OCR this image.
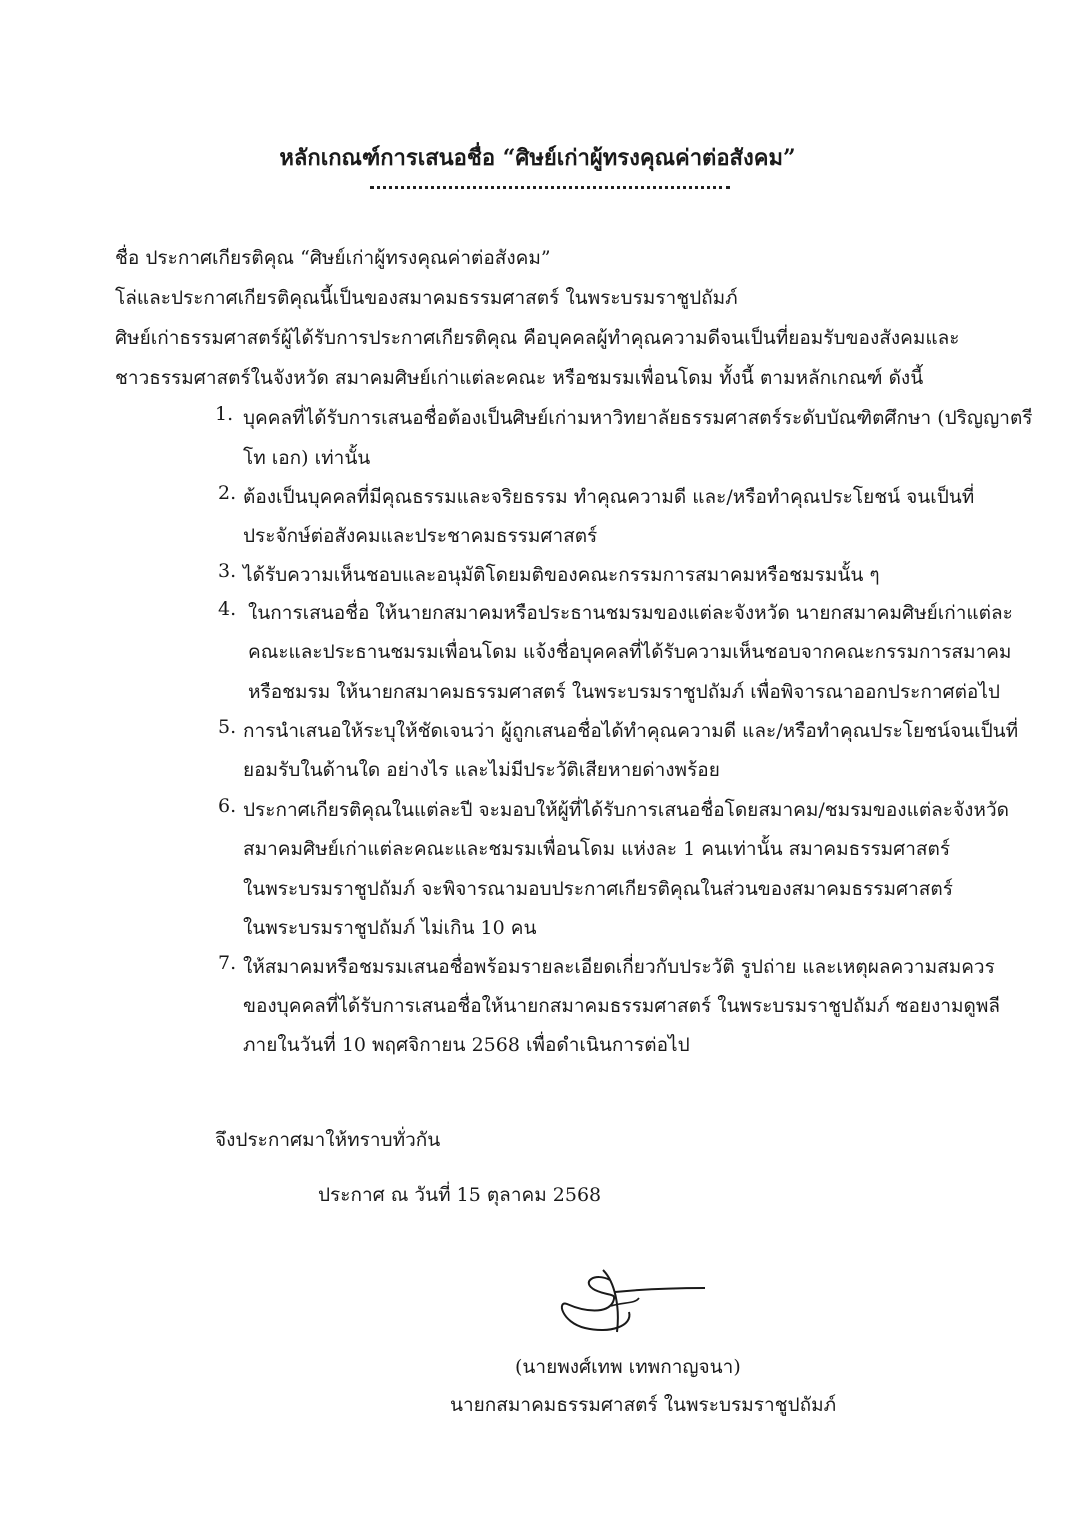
หลักเกณฑ์การเสนอชื่อ “ศิษย์เก่าผู้ทรงคุณค่าต่อสังคม”
ชื่อ ประกาศเกียรติคุณ “ศิษย์เก่าผู้ทรงคุณค่าต่อสังคม”
โล่และประกาศเกียรติคุณนี้เป็นของสมาคมธรรมศาสตร์ ในพระบรมราชูปถัมภ์
ศิษย์เก่าธรรมศาสตร์ผู้ได้รับการประกาศเกียรติคุณ คือบุคคลผู้ทำคุณความดีจนเป็นที่ยอมรับของสังคมและ
ชาวธรรมศาสตร์ในจังหวัด สมาคมศิษย์เก่าแต่ละคณะ หรือชมรมเพื่อนโดม ทั้งนี้ ตามหลักเกณฑ์ ดังนี้
1. บุคคลที่ได้รับการเสนอชื่อต้องเป็นศิษย์เก่ามหาวิทยาลัยธรรมศาสตร์ระดับบัณฑิตศึกษา (ปริญญาตรี
โท เอก) เท่านั้น
2. ต้องเป็นบุคคลที่มีคุณธรรมและจริยธรรม ทำคุณความดี และ/หรือทำคุณประโยชน์ จนเป็นที่
ประจักษ์ต่อสังคมและประชาคมธรรมศาสตร์
3. ได้รับความเห็นชอบและอนุมัติโดยมติของคณะกรรมการสมาคมหรือชมรมนั้น ๆ
4. ในการเสนอชื่อ ให้นายกสมาคมหรือประธานชมรมของแต่ละจังหวัด นายกสมาคมศิษย์เก่าแต่ละ
คณะและประธานชมรมเพื่อนโดม แจ้งชื่อบุคคลที่ได้รับความเห็นชอบจากคณะกรรมการสมาคม
หรือชมรม ให้นายกสมาคมธรรมศาสตร์ ในพระบรมราชูปถัมภ์ เพื่อพิจารณาออกประกาศต่อไป
5. การนำเสนอให้ระบุให้ชัดเจนว่า ผู้ถูกเสนอชื่อได้ทำคุณความดี และ/หรือทำคุณประโยชน์จนเป็นที่
ยอมรับในด้านใด อย่างไร และไม่มีประวัติเสียหายด่างพร้อย
6. ประกาศเกียรติคุณในแต่ละปี จะมอบให้ผู้ที่ได้รับการเสนอชื่อโดยสมาคม/ชมรมของแต่ละจังหวัด
สมาคมศิษย์เก่าแต่ละคณะและชมรมเพื่อนโดม แห่งละ 1 คนเท่านั้น สมาคมธรรมศาสตร์
ในพระบรมราชูปถัมภ์ จะพิจารณามอบประกาศเกียรติคุณในส่วนของสมาคมธรรมศาสตร์
ในพระบรมราชูปถัมภ์ ไม่เกิน 10 คน
7. ให้สมาคมหรือชมรมเสนอชื่อพร้อมรายละเอียดเกี่ยวกับประวัติ รูปถ่าย และเหตุผลความสมควร
ของบุคคลที่ได้รับการเสนอชื่อให้นายกสมาคมธรรมศาสตร์ ในพระบรมราชูปถัมภ์ ซอยงามดูพลี
ภายในวันที่ 10 พฤศจิกายน 2568 เพื่อดำเนินการต่อไป
จึงประกาศมาให้ทราบทั่วกัน
ประกาศ ณ วันที่ 15 ตุลาคม 2568
(นายพงศ์เทพ เทพกาญจนา)
นายกสมาคมธรรมศาสตร์ ในพระบรมราชูปถัมภ์
